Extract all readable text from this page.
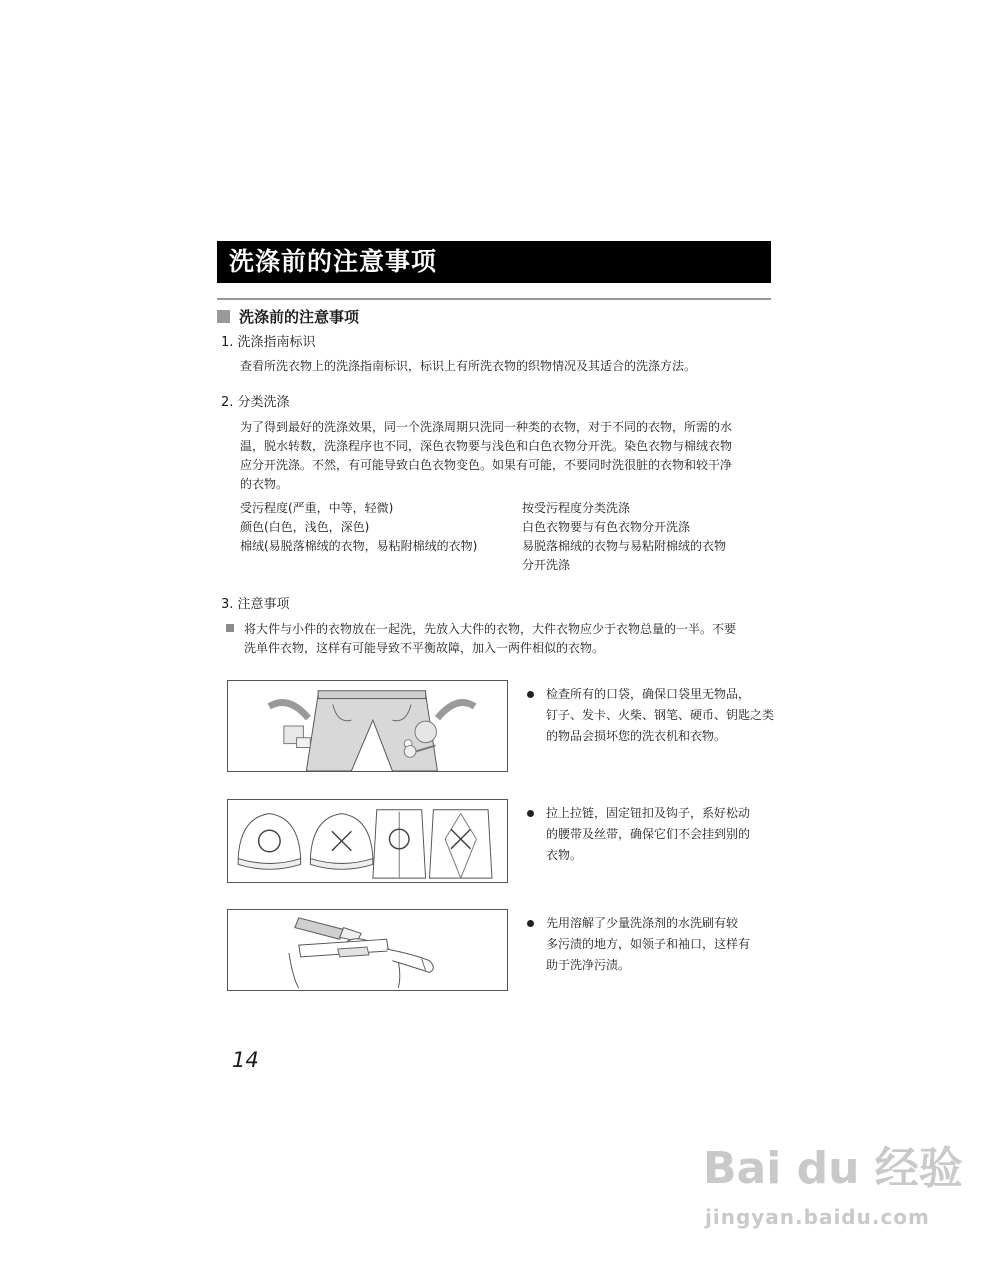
洗涤前的注意事项
洗涤前的注意事项
1. 洗涤指南标识
查看所洗衣物上的洗涤指南标识，标识上有所洗衣物的织物情况及其适合的洗涤方法。
2. 分类洗涤
为了得到最好的洗涤效果，同一个洗涤周期只洗同一种类的衣物，对于不同的衣物，所需的水
温，脱水转数，洗涤程序也不同，深色衣物要与浅色和白色衣物分开洗。染色衣物与棉绒衣物
应分开洗涤。不然，有可能导致白色衣物变色。如果有可能，不要同时洗很脏的衣物和较干净
的衣物。
受污程度(严重，中等，轻微)
颜色(白色，浅色，深色)
棉绒(易脱落棉绒的衣物，易粘附棉绒的衣物)
按受污程度分类洗涤
白色衣物要与有色衣物分开洗涤
易脱落棉绒的衣物与易粘附棉绒的衣物
分开洗涤
3. 注意事项
将大件与小件的衣物放在一起洗，先放入大件的衣物，大件衣物应少于衣物总量的一半。不要
洗单件衣物，这样有可能导致不平衡故障，加入一两件相似的衣物。
检查所有的口袋，确保口袋里无物品，
钉子、发卡、火柴、钢笔、硬币、钥匙之类
的物品会损坏您的洗衣机和衣物。
拉上拉链，固定钮扣及钩子，系好松动
的腰带及丝带，确保它们不会挂到别的
衣物。
先用溶解了少量洗涤剂的水洗刷有较
多污渍的地方，如领子和袖口，这样有
助于洗净污渍。
14
Bai du 经验
jingyan.baidu.com
